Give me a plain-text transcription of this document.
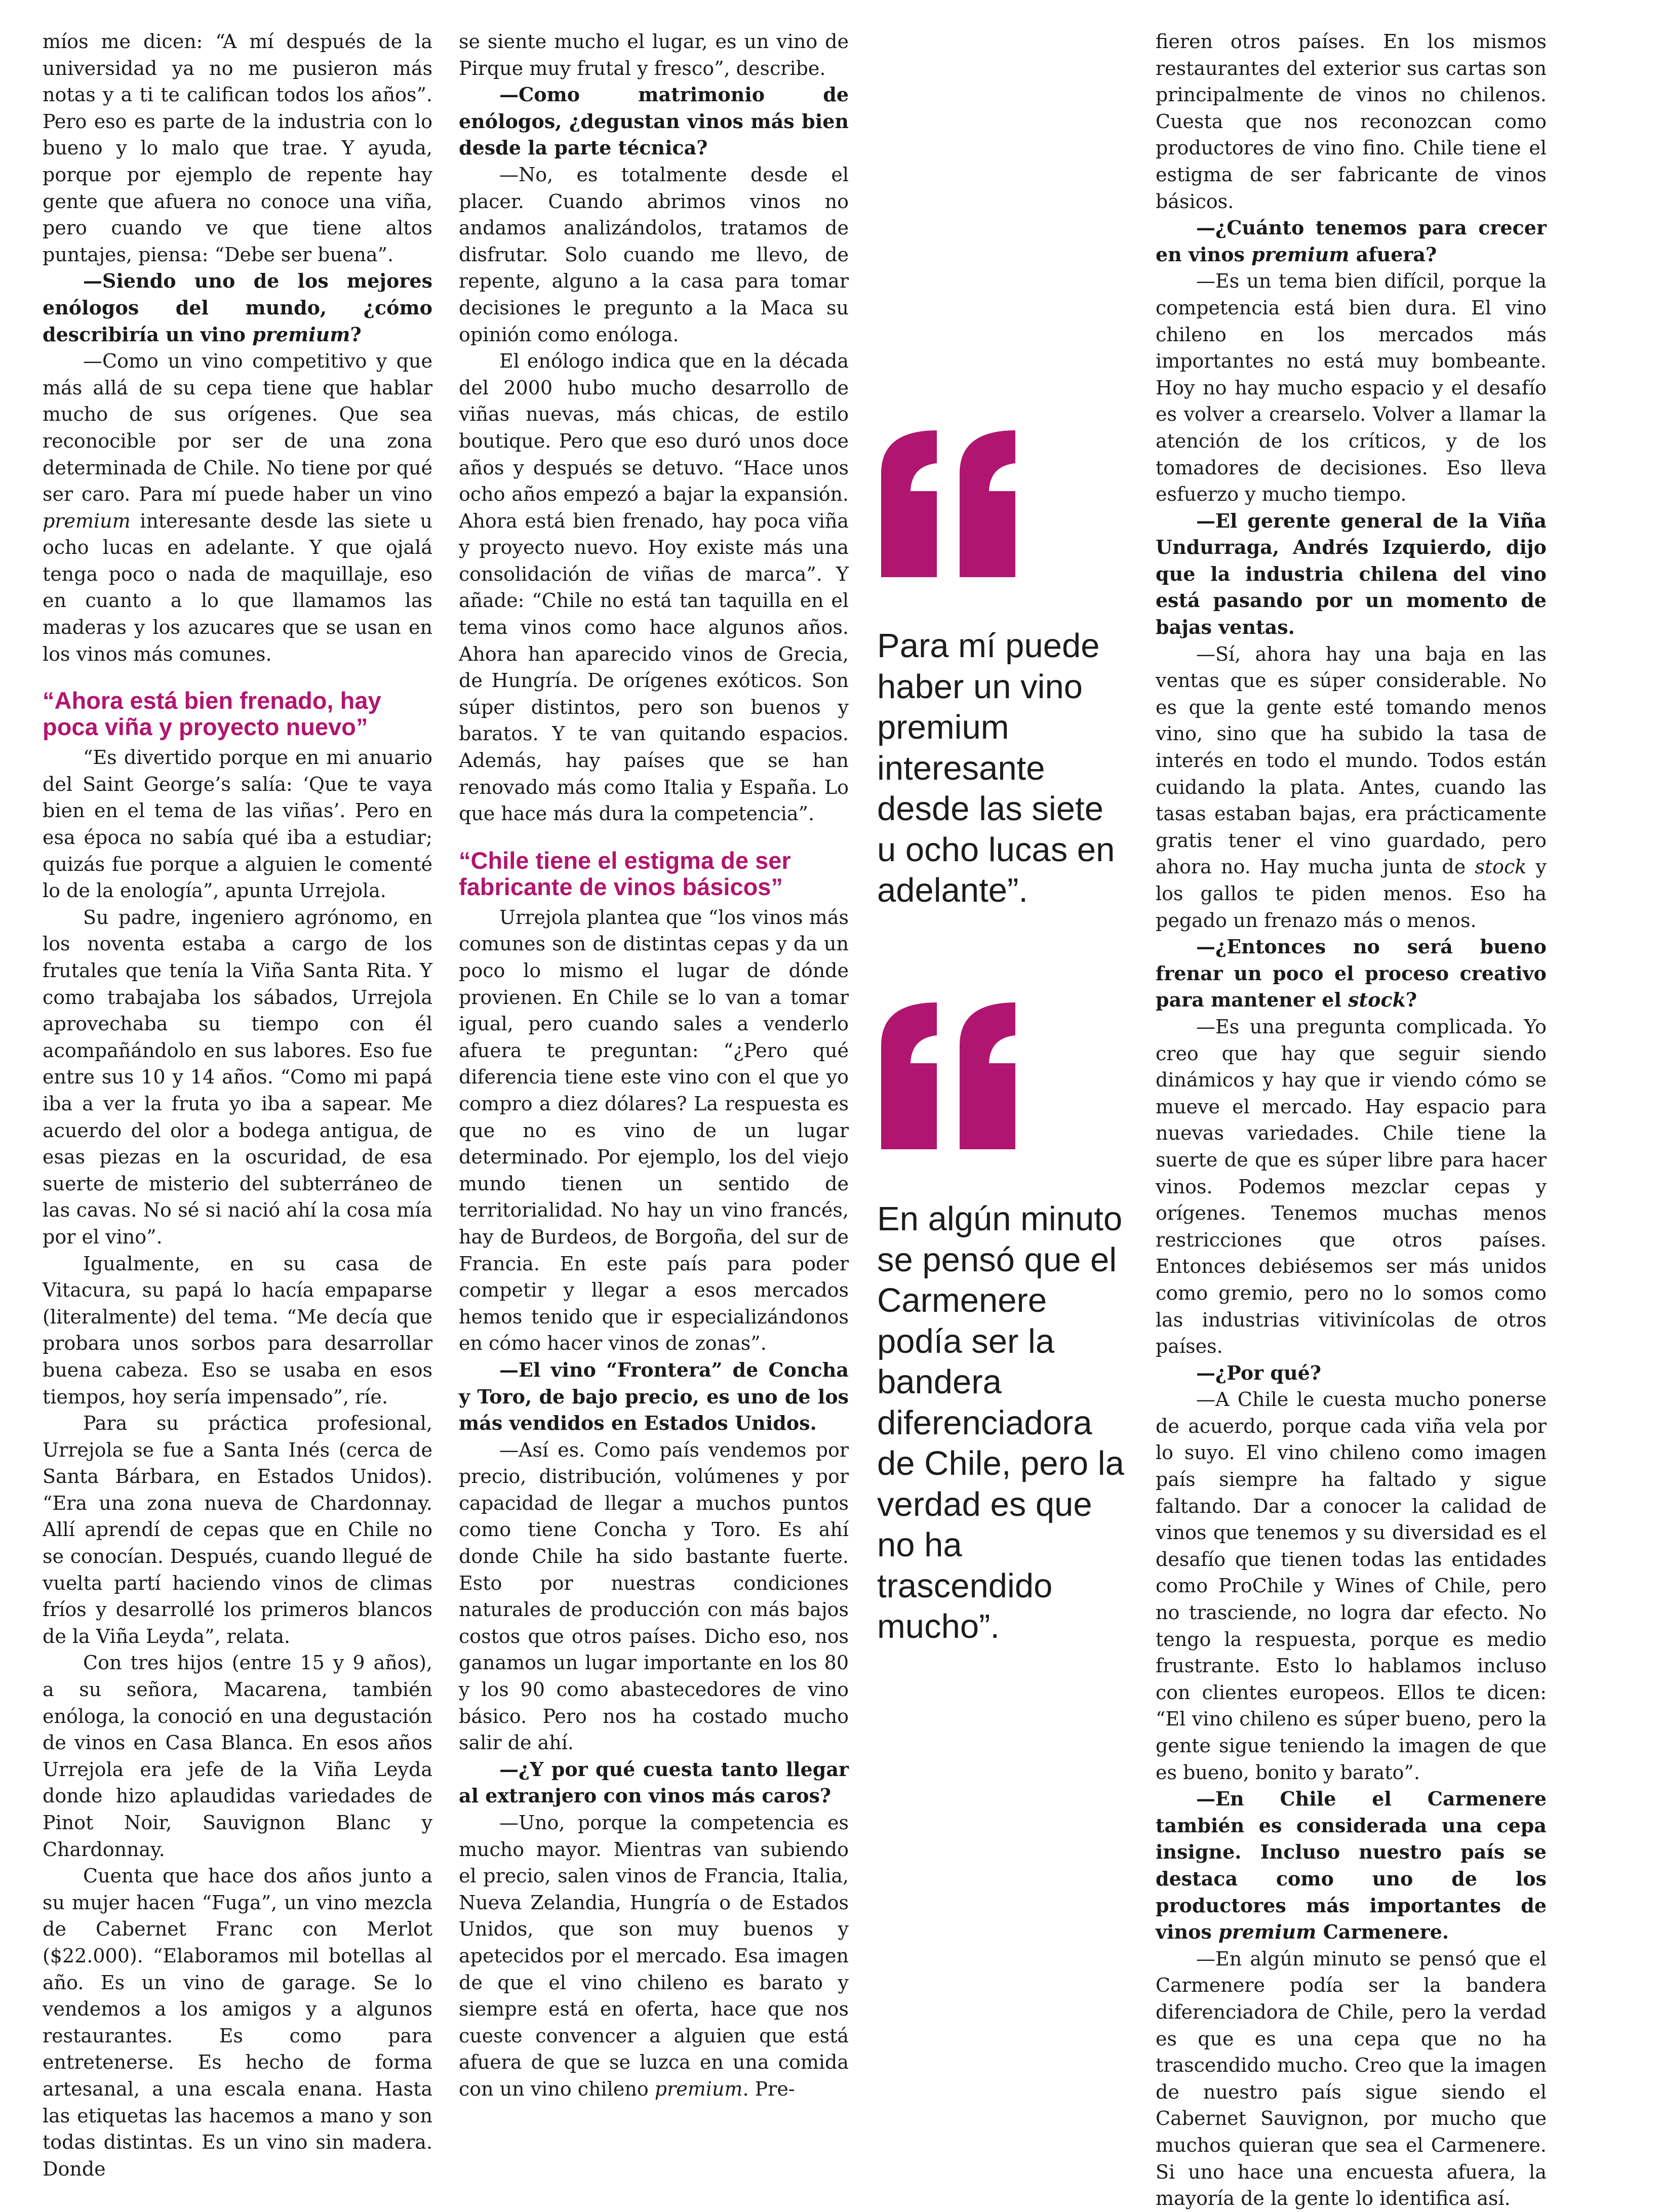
míos me dicen: “A mí después de la universidad ya no me pusieron más notas y a ti te califican todos los años”. Pero eso es parte de la industria con lo bueno y lo malo que trae. Y ayuda, porque por ejemplo de repente hay gente que afuera no conoce una viña, pero cuando ve que tiene altos puntajes, piensa: “Debe ser buena”.

—Siendo uno de los mejores enólogos del mundo, ¿cómo describiría un vino premium?

—Como un vino competitivo y que más allá de su cepa tiene que hablar mucho de sus orígenes. Que sea reconocible por ser de una zona determinada de Chile. No tiene por qué ser caro. Para mí puede haber un vino premium interesante desde las siete u ocho lucas en adelante. Y que ojalá tenga poco o nada de maquillaje, eso en cuanto a lo que llamamos las maderas y los azucares que se usan en los vinos más comunes.

“Ahora está bien frenado, hay poca viña y proyecto nuevo”

“Es divertido porque en mi anuario del Saint George’s salía: ‘Que te vaya bien en el tema de las viñas’. Pero en esa época no sabía qué iba a estudiar; quizás fue porque a alguien le comenté lo de la enología”, apunta Urrejola.

Su padre, ingeniero agrónomo, en los noventa estaba a cargo de los frutales que tenía la Viña Santa Rita. Y como trabajaba los sábados, Urrejola aprovechaba su tiempo con él acompañándolo en sus labores. Eso fue entre sus 10 y 14 años. “Como mi papá iba a ver la fruta yo iba a sapear. Me acuerdo del olor a bodega antigua, de esas piezas en la oscuridad, de esa suerte de misterio del subterráneo de las cavas. No sé si nació ahí la cosa mía por el vino”.

Igualmente, en su casa de Vitacura, su papá lo hacía empaparse (literalmente) del tema. “Me decía que probara unos sorbos para desarrollar buena cabeza. Eso se usaba en esos tiempos, hoy sería impensado”, ríe.

Para su práctica profesional, Urrejola se fue a Santa Inés (cerca de Santa Bárbara, en Estados Unidos). “Era una zona nueva de Chardonnay. Allí aprendí de cepas que en Chile no se conocían. Después, cuando llegué de vuelta partí haciendo vinos de climas fríos y desarrollé los primeros blancos de la Viña Leyda”, relata.

Con tres hijos (entre 15 y 9 años), a su señora, Macarena, también enóloga, la conoció en una degustación de vinos en Casa Blanca. En esos años Urrejola era jefe de la Viña Leyda donde hizo aplaudidas variedades de Pinot Noir, Sauvignon Blanc y Chardonnay.

Cuenta que hace dos años junto a su mujer hacen “Fuga”, un vino mezcla de Cabernet Franc con Merlot ($22.000). “Elaboramos mil botellas al año. Es un vino de garage. Se lo vendemos a los amigos y a algunos restaurantes. Es como para entretenerse. Es hecho de forma artesanal, a una escala enana. Hasta las etiquetas las hacemos a mano y son todas distintas. Es un vino sin madera. Donde

se siente mucho el lugar, es un vino de Pirque muy frutal y fresco”, describe.

—Como matrimonio de enólogos, ¿degustan vinos más bien desde la parte técnica?

—No, es totalmente desde el placer. Cuando abrimos vinos no andamos analizándolos, tratamos de disfrutar. Solo cuando me llevo, de repente, alguno a la casa para tomar decisiones le pregunto a la Maca su opinión como enóloga.

El enólogo indica que en la década del 2000 hubo mucho desarrollo de viñas nuevas, más chicas, de estilo boutique. Pero que eso duró unos doce años y después se detuvo. “Hace unos ocho años empezó a bajar la expansión. Ahora está bien frenado, hay poca viña y proyecto nuevo. Hoy existe más una consolidación de viñas de marca”. Y añade: “Chile no está tan taquilla en el tema vinos como hace algunos años. Ahora han aparecido vinos de Grecia, de Hungría. De orígenes exóticos. Son súper distintos, pero son buenos y baratos. Y te van quitando espacios. Además, hay países que se han renovado más como Italia y España. Lo que hace más dura la competencia”.

“Chile tiene el estigma de ser fabricante de vinos básicos”

Urrejola plantea que “los vinos más comunes son de distintas cepas y da un poco lo mismo el lugar de dónde provienen. En Chile se lo van a tomar igual, pero cuando sales a venderlo afuera te preguntan: “¿Pero qué diferencia tiene este vino con el que yo compro a diez dólares? La respuesta es que no es vino de un lugar determinado. Por ejemplo, los del viejo mundo tienen un sentido de territorialidad. No hay un vino francés, hay de Burdeos, de Borgoña, del sur de Francia. En este país para poder competir y llegar a esos mercados hemos tenido que ir especializándonos en cómo hacer vinos de zonas”.

—El vino “Frontera” de Concha y Toro, de bajo precio, es uno de los más vendidos en Estados Unidos.

—Así es. Como país vendemos por precio, distribución, volúmenes y por capacidad de llegar a muchos puntos como tiene Concha y Toro. Es ahí donde Chile ha sido bastante fuerte. Esto por nuestras condiciones naturales de producción con más bajos costos que otros países. Dicho eso, nos ganamos un lugar importante en los 80 y los 90 como abastecedores de vino básico. Pero nos ha costado mucho salir de ahí.

—¿Y por qué cuesta tanto llegar al extranjero con vinos más caros?

—Uno, porque la competencia es mucho mayor. Mientras van subiendo el precio, salen vinos de Francia, Italia, Nueva Zelandia, Hungría o de Estados Unidos, que son muy buenos y apetecidos por el mercado. Esa imagen de que el vino chileno es barato y siempre está en oferta, hace que nos cueste convencer a alguien que está afuera de que se luzca en una comida con un vino chileno premium. Pre-

Para mí puede haber un vino premium interesante desde las siete u ocho lucas en adelante”.
En algún minuto se pensó que el Carmenere podía ser la bandera diferenciadora de Chile, pero la verdad es que no ha trascendido mucho”.

fieren otros países. En los mismos restaurantes del exterior sus cartas son principalmente de vinos no chilenos. Cuesta que nos reconozcan como productores de vino fino. Chile tiene el estigma de ser fabricante de vinos básicos.

—¿Cuánto tenemos para crecer en vinos premium afuera?

—Es un tema bien difícil, porque la competencia está bien dura. El vino chileno en los mercados más importantes no está muy bombeante. Hoy no hay mucho espacio y el desafío es volver a crearselo. Volver a llamar la atención de los críticos, y de los tomadores de decisiones. Eso lleva esfuerzo y mucho tiempo.

—El gerente general de la Viña Undurraga, Andrés Izquierdo, dijo que la industria chilena del vino está pasando por un momento de bajas ventas.

—Sí, ahora hay una baja en las ventas que es súper considerable. No es que la gente esté tomando menos vino, sino que ha subido la tasa de interés en todo el mundo. Todos están cuidando la plata. Antes, cuando las tasas estaban bajas, era prácticamente gratis tener el vino guardado, pero ahora no. Hay mucha junta de stock y los gallos te piden menos. Eso ha pegado un frenazo más o menos.

—¿Entonces no será bueno frenar un poco el proceso creativo para mantener el stock?

—Es una pregunta complicada. Yo creo que hay que seguir siendo dinámicos y hay que ir viendo cómo se mueve el mercado. Hay espacio para nuevas variedades. Chile tiene la suerte de que es súper libre para hacer vinos. Podemos mezclar cepas y orígenes. Tenemos muchas menos restricciones que otros países. Entonces debiésemos ser más unidos como gremio, pero no lo somos como las industrias vitivinícolas de otros países.

—¿Por qué?

—A Chile le cuesta mucho ponerse de acuerdo, porque cada viña vela por lo suyo. El vino chileno como imagen país siempre ha faltado y sigue faltando. Dar a conocer la calidad de vinos que tenemos y su diversidad es el desafío que tienen todas las entidades como ProChile y Wines of Chile, pero no trasciende, no logra dar efecto. No tengo la respuesta, porque es medio frustrante. Esto lo hablamos incluso con clientes europeos. Ellos te dicen: “El vino chileno es súper bueno, pero la gente sigue teniendo la imagen de que es bueno, bonito y barato”.

—En Chile el Carmenere también es considerada una cepa insigne. Incluso nuestro país se destaca como uno de los productores más importantes de vinos premium Carmenere.

—En algún minuto se pensó que el Carmenere podía ser la bandera diferenciadora de Chile, pero la verdad es que es una cepa que no ha trascendido mucho. Creo que la imagen de nuestro país sigue siendo el Cabernet Sauvignon, por mucho que muchos quieran que sea el Carmenere. Si uno hace una encuesta afuera, la mayoría de la gente lo identifica así.
